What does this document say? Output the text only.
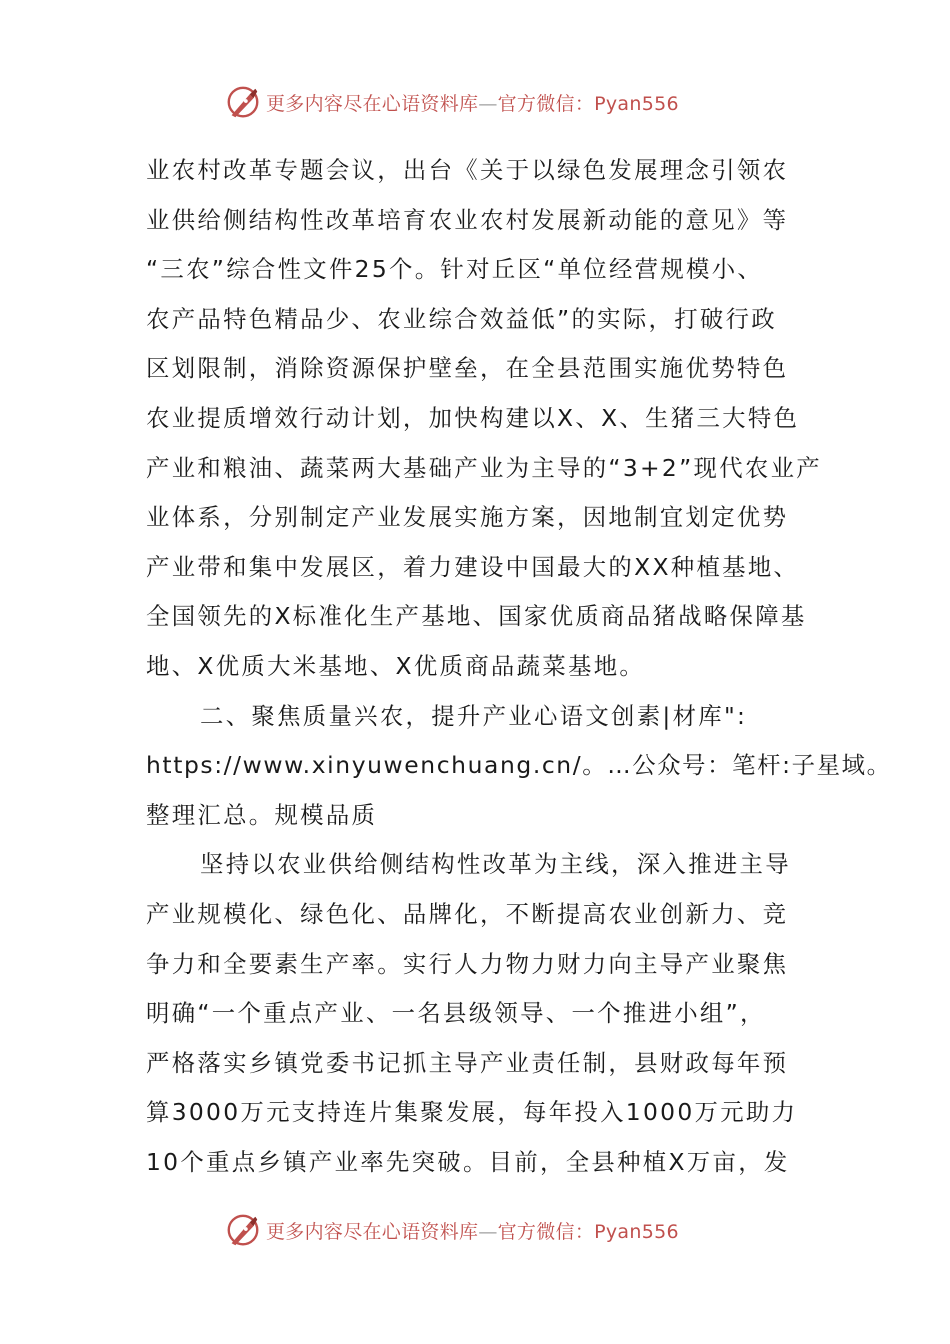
更多内容尽在心语资料库—官方微信：Pyan556
业农村改革专题会议，出台《关于以绿色发展理念引领农
业供给侧结构性改革培育农业农村发展新动能的意见》等
“三农”综合性文件25个。针对丘区“单位经营规模小、
农产品特色精品少、农业综合效益低”的实际，打破行政
区划限制，消除资源保护壁垒，在全县范围实施优势特色
农业提质增效行动计划，加快构建以X、X、生猪三大特色
产业和粮油、蔬菜两大基础产业为主导的“3+2”现代农业产
业体系，分别制定产业发展实施方案，因地制宜划定优势
产业带和集中发展区，着力建设中国最大的XX种植基地、
全国领先的X标准化生产基地、国家优质商品猪战略保障基
地、X优质大米基地、X优质商品蔬菜基地。
二、聚焦质量兴农，提升产业心语文创素|材库":
https://www.xinyuwenchuang.cn/。…公众号：笔杆:子星域。
整理汇总。规模品质
坚持以农业供给侧结构性改革为主线，深入推进主导
产业规模化、绿色化、品牌化，不断提高农业创新力、竞
争力和全要素生产率。实行人力物力财力向主导产业聚焦
明确“一个重点产业、一名县级领导、一个推进小组”，
严格落实乡镇党委书记抓主导产业责任制，县财政每年预
算3000万元支持连片集聚发展，每年投入1000万元助力
10个重点乡镇产业率先突破。目前，全县种植X万亩，发
更多内容尽在心语资料库—官方微信：Pyan556
